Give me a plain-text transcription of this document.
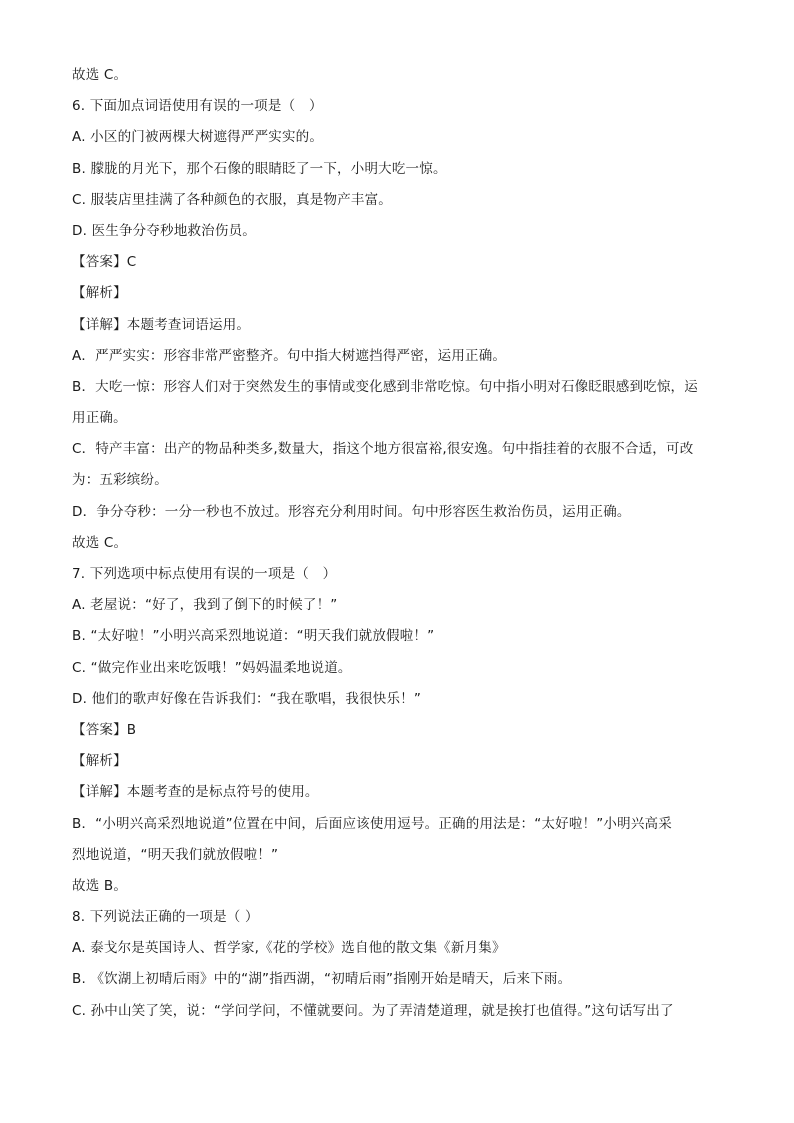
故选 C。
6. 下面加点词语使用有误的一项是（　）
A. 小区的门被两棵大树遮得严严实实的。
B. 朦胧的月光下，那个石像的眼睛眨了一下，小明大吃一惊。
C. 服装店里挂满了各种颜色的衣服，真是物产丰富。
D. 医生争分夺秒地救治伤员。
【答案】C
【解析】
【详解】本题考查词语运用。
A．严严实实：形容非常严密整齐。句中指大树遮挡得严密，运用正确。
B．大吃一惊：形容人们对于突然发生的事情或变化感到非常吃惊。句中指小明对石像眨眼感到吃惊，运
用正确。
C．特产丰富：出产的物品种类多,数量大，指这个地方很富裕,很安逸。句中指挂着的衣服不合适，可改
为：五彩缤纷。
D．争分夺秒：一分一秒也不放过。形容充分利用时间。句中形容医生救治伤员，运用正确。
故选 C。
7. 下列选项中标点使用有误的一项是（　）
A. 老屋说：“好了，我到了倒下的时候了！”
B. “太好啦！”小明兴高采烈地说道：“明天我们就放假啦！”
C. “做完作业出来吃饭哦！”妈妈温柔地说道。
D. 他们的歌声好像在告诉我们：“我在歌唱，我很快乐！”
【答案】B
【解析】
【详解】本题考查的是标点符号的使用。
B．“小明兴高采烈地说道”位置在中间，后面应该使用逗号。正确的用法是：“太好啦！”小明兴高采
烈地说道，“明天我们就放假啦！”
故选 B。
8. 下列说法正确的一项是（ ）
A. 泰戈尔是英国诗人、哲学家,《花的学校》选自他的散文集《新月集》
B. 《饮湖上初晴后雨》中的“湖”指西湖，“初晴后雨”指刚开始是晴天，后来下雨。
C. 孙中山笑了笑，说：“学问学问，不懂就要问。为了弄清楚道理，就是挨打也值得。”这句话写出了
